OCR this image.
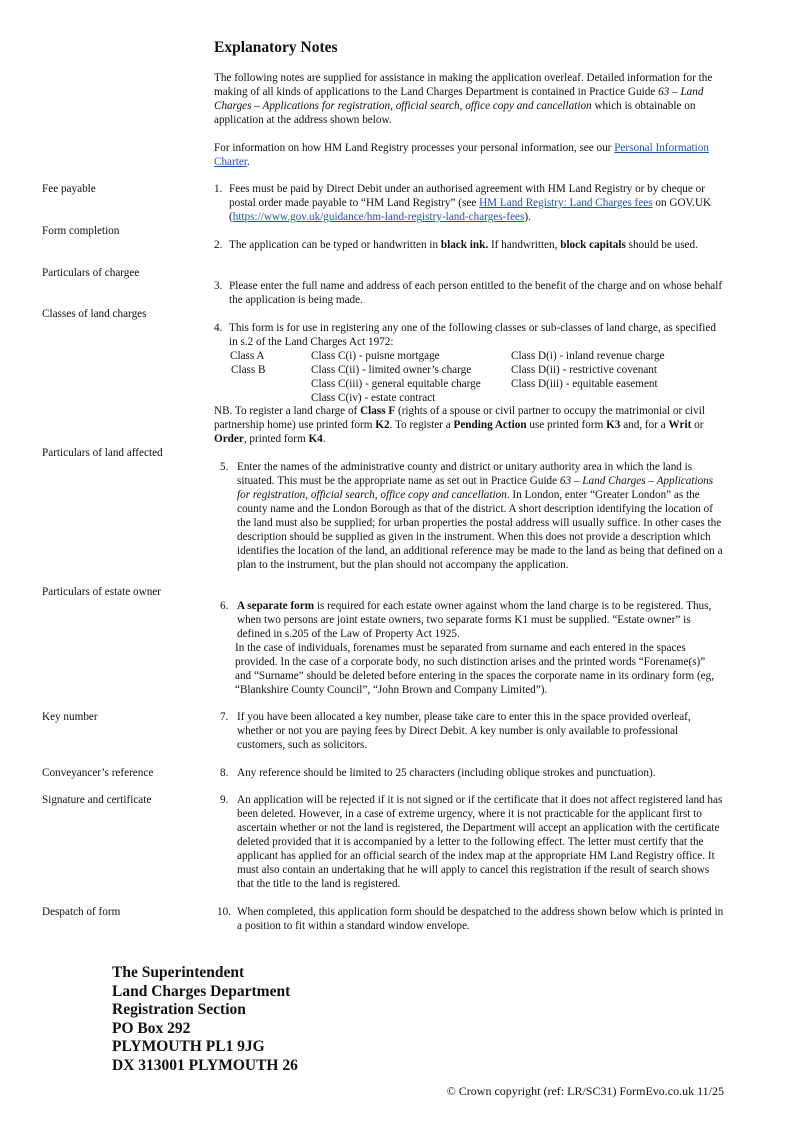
Explanatory Notes

The following notes are supplied for assistance in making the application overleaf. Detailed information for the making of all kinds of applications to the Land Charges Department is contained in Practice Guide 63 – Land Charges – Applications for registration, official search, office copy and cancellation which is obtainable on application at the address shown below.

For information on how HM Land Registry processes your personal information, see our Personal Information Charter.

Fee payable

Form completion

Particulars of chargee

Classes of land charges

Particulars of land affected

Particulars of estate owner

Key number

Conveyancer’s reference

Signature and certificate

Despatch of form

1. Fees must be paid by Direct Debit under an authorised agreement with HM Land Registry or by cheque or postal order made payable to “HM Land Registry” (see HM Land Registry: Land Charges fees on GOV.UK (https://www.gov.uk/guidance/hm-land-registry-land-charges-fees).

2. The application can be typed or handwritten in black ink. If handwritten, block capitals should be used.

3. Please enter the full name and address of each person entitled to the benefit of the charge and on whose behalf the application is being made.

4. This form is for use in registering any one of the following classes or sub-classes of land charge, as specified in s.2 of the Land Charges Act 1972:

Class A
Class B
Class C(i) - puisne mortgage
Class C(ii) - limited owner’s charge
Class C(iii) - general equitable charge
Class C(iv) - estate contract
Class D(i) - inland revenue charge
Class D(ii) - restrictive covenant
Class D(iii) - equitable easement

NB. To register a land charge of Class F (rights of a spouse or civil partner to occupy the matrimonial or civil partnership home) use printed form K2. To register a Pending Action use printed form K3 and, for a Writ or Order, printed form K4.

5. Enter the names of the administrative county and district or unitary authority area in which the land is situated. This must be the appropriate name as set out in Practice Guide 63 – Land Charges – Applications for registration, official search, office copy and cancellation. In London, enter “Greater London” as the county name and the London Borough as that of the district. A short description identifying the location of the land must also be supplied; for urban properties the postal address will usually suffice. In other cases the description should be supplied as given in the instrument. When this does not provide a description which identifies the location of the land, an additional reference may be made to the land as being that defined on a plan to the instrument, but the plan should not accompany the application.

6. A separate form is required for each estate owner against whom the land charge is to be registered. Thus, when two persons are joint estate owners, two separate forms K1 must be supplied. “Estate owner” is defined in s.205 of the Law of Property Act 1925.

In the case of individuals, forenames must be separated from surname and each entered in the spaces provided. In the case of a corporate body, no such distinction arises and the printed words “Forename(s)” and “Surname” should be deleted before entering in the spaces the corporate name in its ordinary form (eg, “Blankshire County Council”, “John Brown and Company Limited”).

7. If you have been allocated a key number, please take care to enter this in the space provided overleaf, whether or not you are paying fees by Direct Debit. A key number is only available to professional customers, such as solicitors.

8. Any reference should be limited to 25 characters (including oblique strokes and punctuation).

9. An application will be rejected if it is not signed or if the certificate that it does not affect registered land has been deleted. However, in a case of extreme urgency, where it is not practicable for the applicant first to ascertain whether or not the land is registered, the Department will accept an application with the certificate deleted provided that it is accompanied by a letter to the following effect. The letter must certify that the applicant has applied for an official search of the index map at the appropriate HM Land Registry office. It must also contain an undertaking that he will apply to cancel this registration if the result of search shows that the title to the land is registered.

10. When completed, this application form should be despatched to the address shown below which is printed in a position to fit within a standard window envelope.

The Superintendent
Land Charges Department
Registration Section
PO Box 292
PLYMOUTH PL1 9JG
DX 313001 PLYMOUTH 26
© Crown copyright (ref: LR/SC31) FormEvo.co.uk 11/25
